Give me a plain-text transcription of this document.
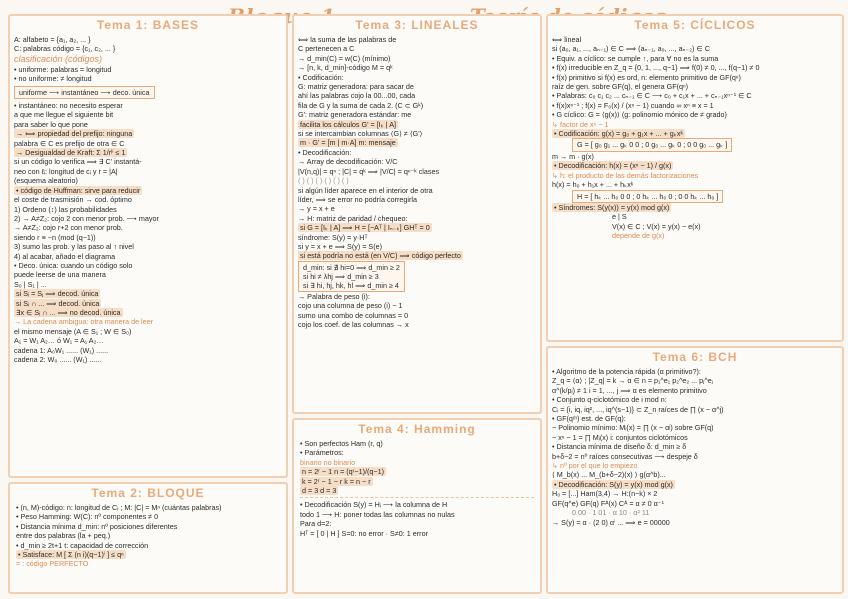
Tema 1: BASES
A: alfabeto = {a₁, a₂, ... }
C: palabras código = {c₁, c₂, ... }
clasificación (códigos)
• uniforme: palabras = longitud
• no uniforme: ≠ longitud
uniforme ⟶ instantáneo ⟶ deco. única
• instantáneo: no necesito esperar
a que me llegue el siguiente bit
para saber lo que pone
→ ⟺ propiedad del prefijo: ninguna
palabra ∈ C es prefijo de otra ∈ C
→ Desigualdad de Kraft: Σ 1/rˡⁱ ≤ 1
si un código lo verifica ⟹ ∃ C' instantá-
neo con ℓᵢ: longitud de cᵢ y r = |A|
(esquema aleatorio)
• código de Huffman: sirve para reducir
el coste de trasmisión → cod. óptimo
1) Ordeno (↕) las probabilidades
2) → A≠Z₂: cojo 2 con menor prob. ⟶ mayor
→ A≠Z₂: cojo r+2 con menor prob.
siendo r ≡ −n (mod (q−1))
3) sumo las prob. y las paso al ↑ nivel
4) al acabar, añado el diagrama
• Deco. única: cuando un código solo
puede leerse de una manera
S₀ | S₁ | ...
si Sᵢ = Sⱼ ⟹ decod. única
si Sᵢ ∩ ... ⟹ decod. única
∃x ∈ Sᵢ ∩ ... ⟹ no decod. única
→ La cadena ambigua: otra manera de leer
el mismo mensaje (A ∈ S₁ ; W ∈ S₀)
A₁ = W₁ A₂… ó W₁ = A₁ A₂…
cadena 1: A₀W₁ ...... (W₁) ......
cadena 2: W₀ ...... (W₁) ......
Tema 2: BLOQUE
• (n, M)-código: n: longitud de Cᵢ ; M: |C| = Mⁿ (cuántas palabras)
• Peso Hamming: W(C): nº componentes ≠ 0
• Distancia mínima d_min: nº posiciones diferentes
entre dos palabras (la + peq.)
• d_min ≥ 2t+1 t: capacidad de corrección
• Satisface: M [ Σ (n i)(q−1)ⁱ ] ≤ qⁿ
= : código PERFECTO
Tema 3: LINEALES
⟺ la suma de las palabras de
C pertenecen a C
→ d_min(C) = w(C) (mínimo)
→ [n, k, d_min]-código M = qᵏ
• Codificación:
G: matriz generadora: para sacar de
ahí las palabras cojo la 00...00, cada
fila de G y la suma de cada 2. (C ⊂ Gᵏ)
G': matriz generadora estándar: me
facilita los cálculos G' = [Iₖ | A]
si se intercambian columnas ⟨G⟩ ≠ ⟨G'⟩
m · G' = [m | m·A] m: mensaje
• Decodificación:
→ Array de decodificación: V/C
|V(n,q)| = qⁿ ; |C| = qᵏ ⟹ |V/C| = qⁿ⁻ᵏ clases
( ) ( ) ( ) ( ) ( ) ( )
si algún líder aparece en el interior de otra
líder, ⟹ se error no podría corregirla
→ y = x + e
→ H: matriz de paridad / chequeo:
si G = [Iₖ | A] ⟹ H = [−Aᵀ | Iₙ₋ₖ] GHᵀ = 0
síndrome: S(y) = y·Hᵀ
si y = x + e ⟹ S(y) = S(e)
si está podría no está (en V/C) ⟹ código perfecto
d_min: si ∄ hi=0 ⟹ d_min ≥ 2
si hi ≠ λhj ⟹ d_min ≥ 3
si ∃ hi, hj, hk, hl ⟹ d_min ≥ 4
→ Palabra de peso (i):
cojo una columna de peso (i) − 1
sumo una combo de columnas = 0
cojo los coef. de las columnas → x
Tema 4: Hamming
• Son perfectos Ham (r, q)
• Parámetros:
binario no binario
n = 2ʳ − 1 n = (qʳ−1)/(q−1)
k = 2ʳ − 1 − r k = n − r
d = 3 d = 3
• Decodificación S(y) = Hᵢ ⟶ la columna de H
todo 1 ⟶ H: poner todas las columnas no nulas
Para d=2:
Hᵀ = [ 0 | H ] S=0: no error · S≠0: 1 error
Tema 5: CÍCLICOS
⟺ lineal
si (a₀, a₁, ..., aₙ₋₁) ∈ C ⟹ (aₙ₋₁, a₀, ..., aₙ₋₂) ∈ C
• Equiv. a cíclico: se cumple ↑, para ∀ no es la suma
• f(x) irreducible en Z_q = {0, 1, ..., q−1} ⟹ f(0) ≠ 0, ..., f(q−1) ≠ 0
• f(x) primitivo si f(x) es ord, n: elemento primitivo de GF(qⁿ)
raíz de gen. sobre GF(q), el genera GF(qⁿ)
• Palabras: c₀ c₁ c₂ ... cₙ₋₁ ∈ C ⟶ c₀ + c₁x + ... + cₙ₋₁xⁿ⁻¹ ∈ C
• f(x)xⁿ⁻¹ ; f(x) = F₀(x) / (xⁿ − 1) cuando ∞ xⁿ ≡ x = 1
• G cíclico: G = ⟨g(x)⟩ (g: polinomio mónico de ≠ grado)
↳ factor de xⁿ − 1
• Codificación: g(x) = g₀ + g₁x + ... + gₖxᵏ
G = [ g₀ g₁ ... gₖ 0 0 ; 0 g₀ ... gₖ 0 ; 0 0 g₀ ... gₖ ]
m → m · g(x)
• Decodificación: h(x) = (xⁿ − 1) / g(x)
↳ h: el producto de las demás factorizaciones
h(x) = h₀ + h₁x + ... + hₖxᵏ
H = [ hₖ ... h₀ 0 0 ; 0 hₖ ... h₀ 0 ; 0 0 hₖ ... h₀ ]
• Síndromes: S(y(x)) = y(x) mod g(x)
e | S
V(x) ∈ C ; V(x) = y(x) − e(x)
depende de g(x)
Tema 6: BCH
• Algoritmo de la potencia rápida (α primitivo?):
Z_q = ⟨α⟩ ; |Z_q| = k → α ∈ n = p₁^e₁ p₂^e₂ ... pⱼ^eⱼ
α^(k/pᵢ) ≠ 1 i = 1, ..., j ⟹ α es elemento primitivo
• Conjunto q-ciclotómico de i mod n:
Cᵢ = {i, iq, iq², ..., iq^(s−1)} ⊂ Z_n raíces de ∏ (x − α^j)
• GF(qᵐ) est. de GF(q):
− Polinomio mínimo: Mᵢ(x) = ∏ (x − αʲ) sobre GF(q)
− xⁿ − 1 = ∏ Mᵢ(x) i: conjuntos ciclotómicos
• Distancia mínima de diseño δ: d_min ≥ δ
b+δ−2 = nº raíces consecutivas ⟶ despeje δ
↳ nº por el que lo empiezo
⟨ M_b(x) ... M_(b+δ−2)(x) ⟩ g(α^b)...
• Decodificación: S(y) = y(x) mod g(x)
H₀ = [...] Ham(3,4) → H:(n−k) × 2
GF(q^e) GF(q) Fᴬ(x) Cᴬ = α ≠ 0 α⁻¹
0 00 · 1 01 · α 10 · α² 11
→ S(y) = α · (2 0) αⁱ ... ⟹ e = 00000
